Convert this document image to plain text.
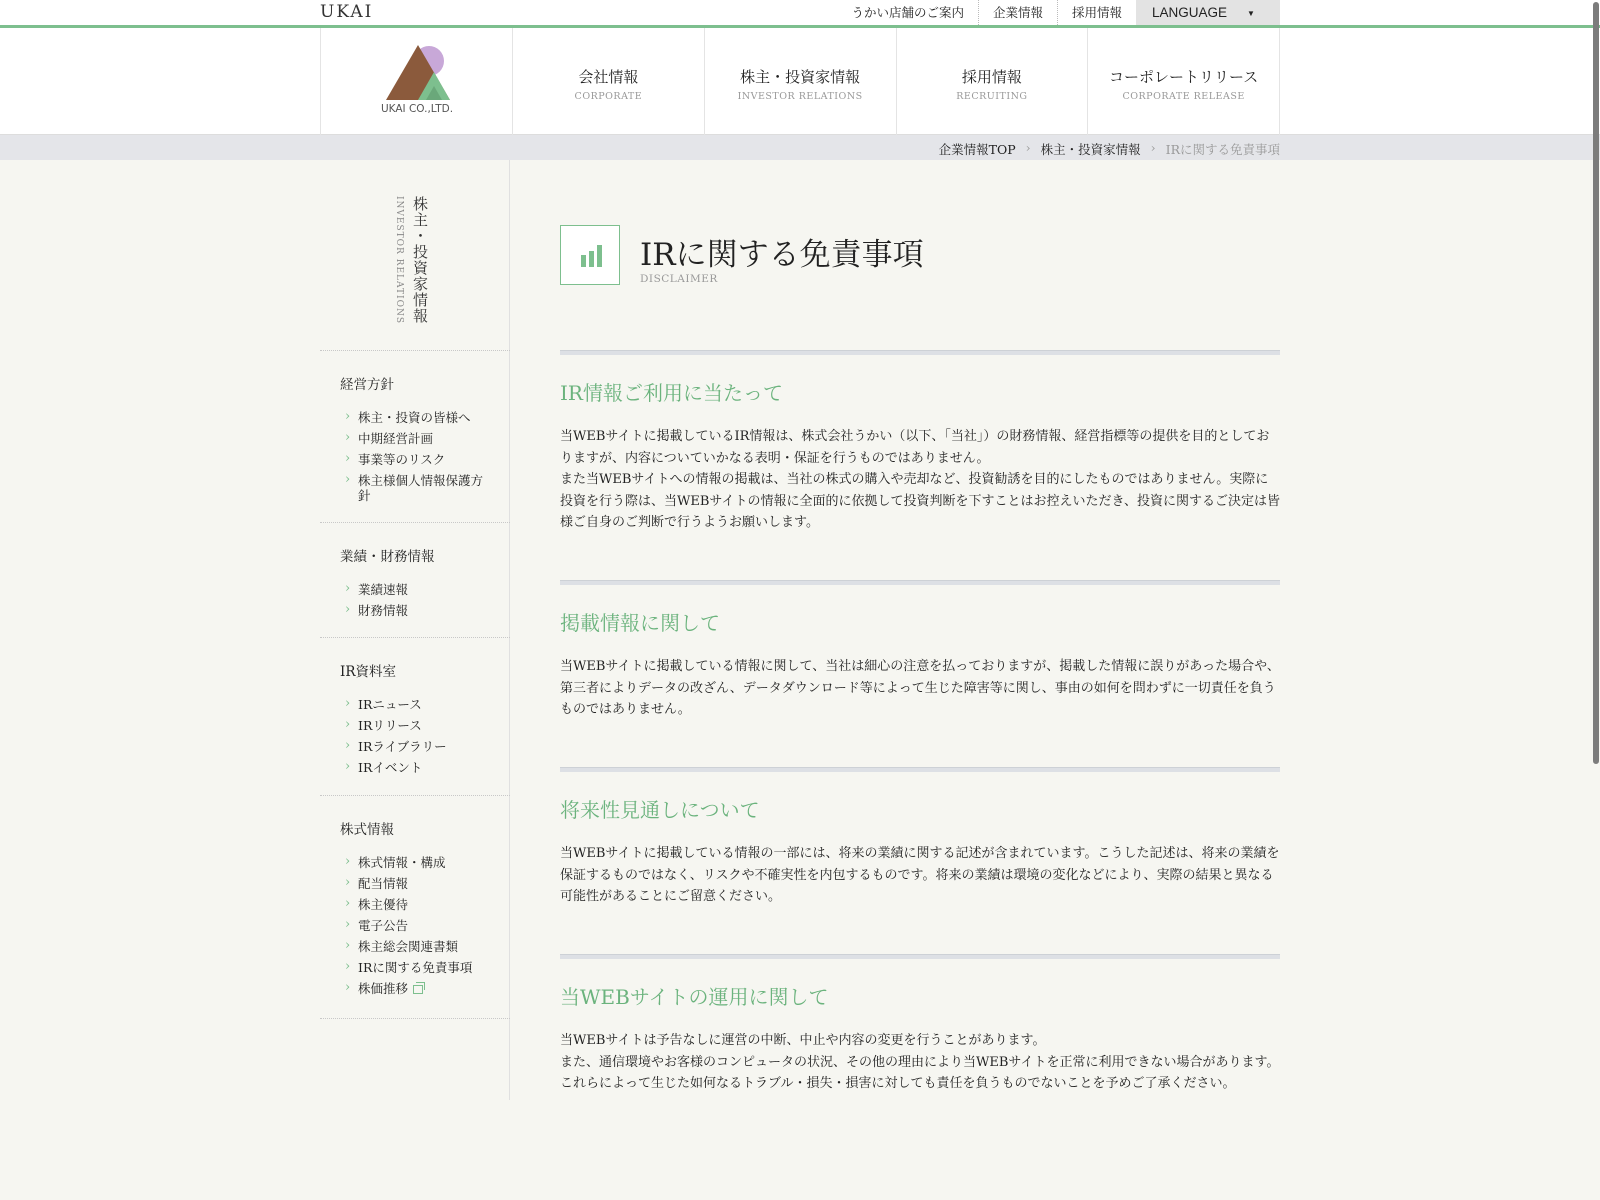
UKAI	うかい店舗のご案内	企業情報	採用情報	LANGUAGE	▼
UKAI CO.,LTD.
会社情報
CORPORATE
株主・投資家情報
INVESTOR RELATIONS
採用情報
RECRUITING
コーポレートリリース
CORPORATE RELEASE
企業情報TOP › 株主・投資家情報 › IRに関する免責事項
株主・投資家情報
INVESTOR RELATIONS
経営方針
› 株主・投資の皆様へ
› 中期経営計画
› 事業等のリスク
› 株主様個人情報保護方針
業績・財務情報
› 業績速報
› 財務情報
IR資料室
› IRニュース
› IRリリース
› IRライブラリー
› IRイベント
株式情報
› 株式情報・構成
› 配当情報
› 株主優待
› 電子公告
› 株主総会関連書類
› IRに関する免責事項
› 株価推移
IRに関する免責事項
DISCLAIMER
IR情報ご利用に当たって

当WEBサイトに掲載しているIR情報は、株式会社うかい（以下、「当社」）の財務情報、経営指標等の提供を目的としておりますが、内容についていかなる表明・保証を行うものではありません。

また当WEBサイトへの情報の掲載は、当社の株式の購入や売却など、投資勧誘を目的にしたものではありません。実際に投資を行う際は、当WEBサイトの情報に全面的に依拠して投資判断を下すことはお控えいただき、投資に関するご決定は皆様ご自身のご判断で行うようお願いします。

掲載情報に関して

当WEBサイトに掲載している情報に関して、当社は細心の注意を払っておりますが、掲載した情報に誤りがあった場合や、第三者によりデータの改ざん、データダウンロード等によって生じた障害等に関し、事由の如何を問わずに一切責任を負うものではありません。

将来性見通しについて

当WEBサイトに掲載している情報の一部には、将来の業績に関する記述が含まれています。こうした記述は、将来の業績を保証するものではなく、リスクや不確実性を内包するものです。将来の業績は環境の変化などにより、実際の結果と異なる可能性があることにご留意ください。

当WEBサイトの運用に関して

当WEBサイトは予告なしに運営の中断、中止や内容の変更を行うことがあります。

また、通信環境やお客様のコンピュータの状況、その他の理由により当WEBサイトを正常に利用できない場合があります。これらによって生じた如何なるトラブル・損失・損害に対しても責任を負うものでないことを予めご了承ください。
